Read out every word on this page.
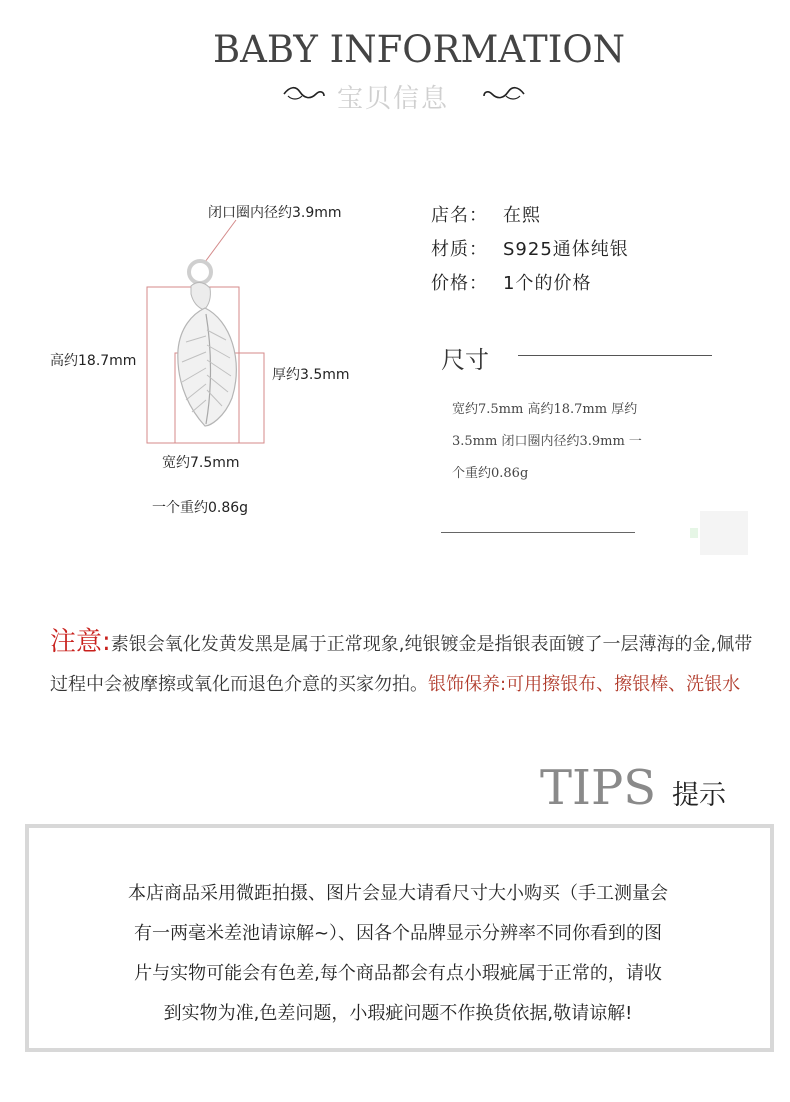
BABY INFORMATION
宝贝信息
闭口圈内径约3.9mm
高约18.7mm
厚约3.5mm
宽约7.5mm
一个重约0.86g
店名： 在熙
材质： S925通体纯银
价格： 1个的价格
尺寸
宽约7.5mm 高约18.7mm 厚约
3.5mm 闭口圈内径约3.9mm 一
个重约0.86g
注意:素银会氧化发黄发黑是属于正常现象,纯银镀金是指银表面镀了一层薄海的金,佩带过程中会被摩擦或氧化而退色介意的买家勿拍。银饰保养:可用擦银布、擦银棒、洗银水
TIPS 提示
本店商品采用微距拍摄、图片会显大请看尺寸大小购买（手工测量会
有一两毫米差池请谅解~）、因各个品牌显示分辨率不同你看到的图
片与实物可能会有色差,每个商品都会有点小瑕疵属于正常的，请收
到实物为准,色差问题，小瑕疵问题不作换货依据,敬请谅解!
